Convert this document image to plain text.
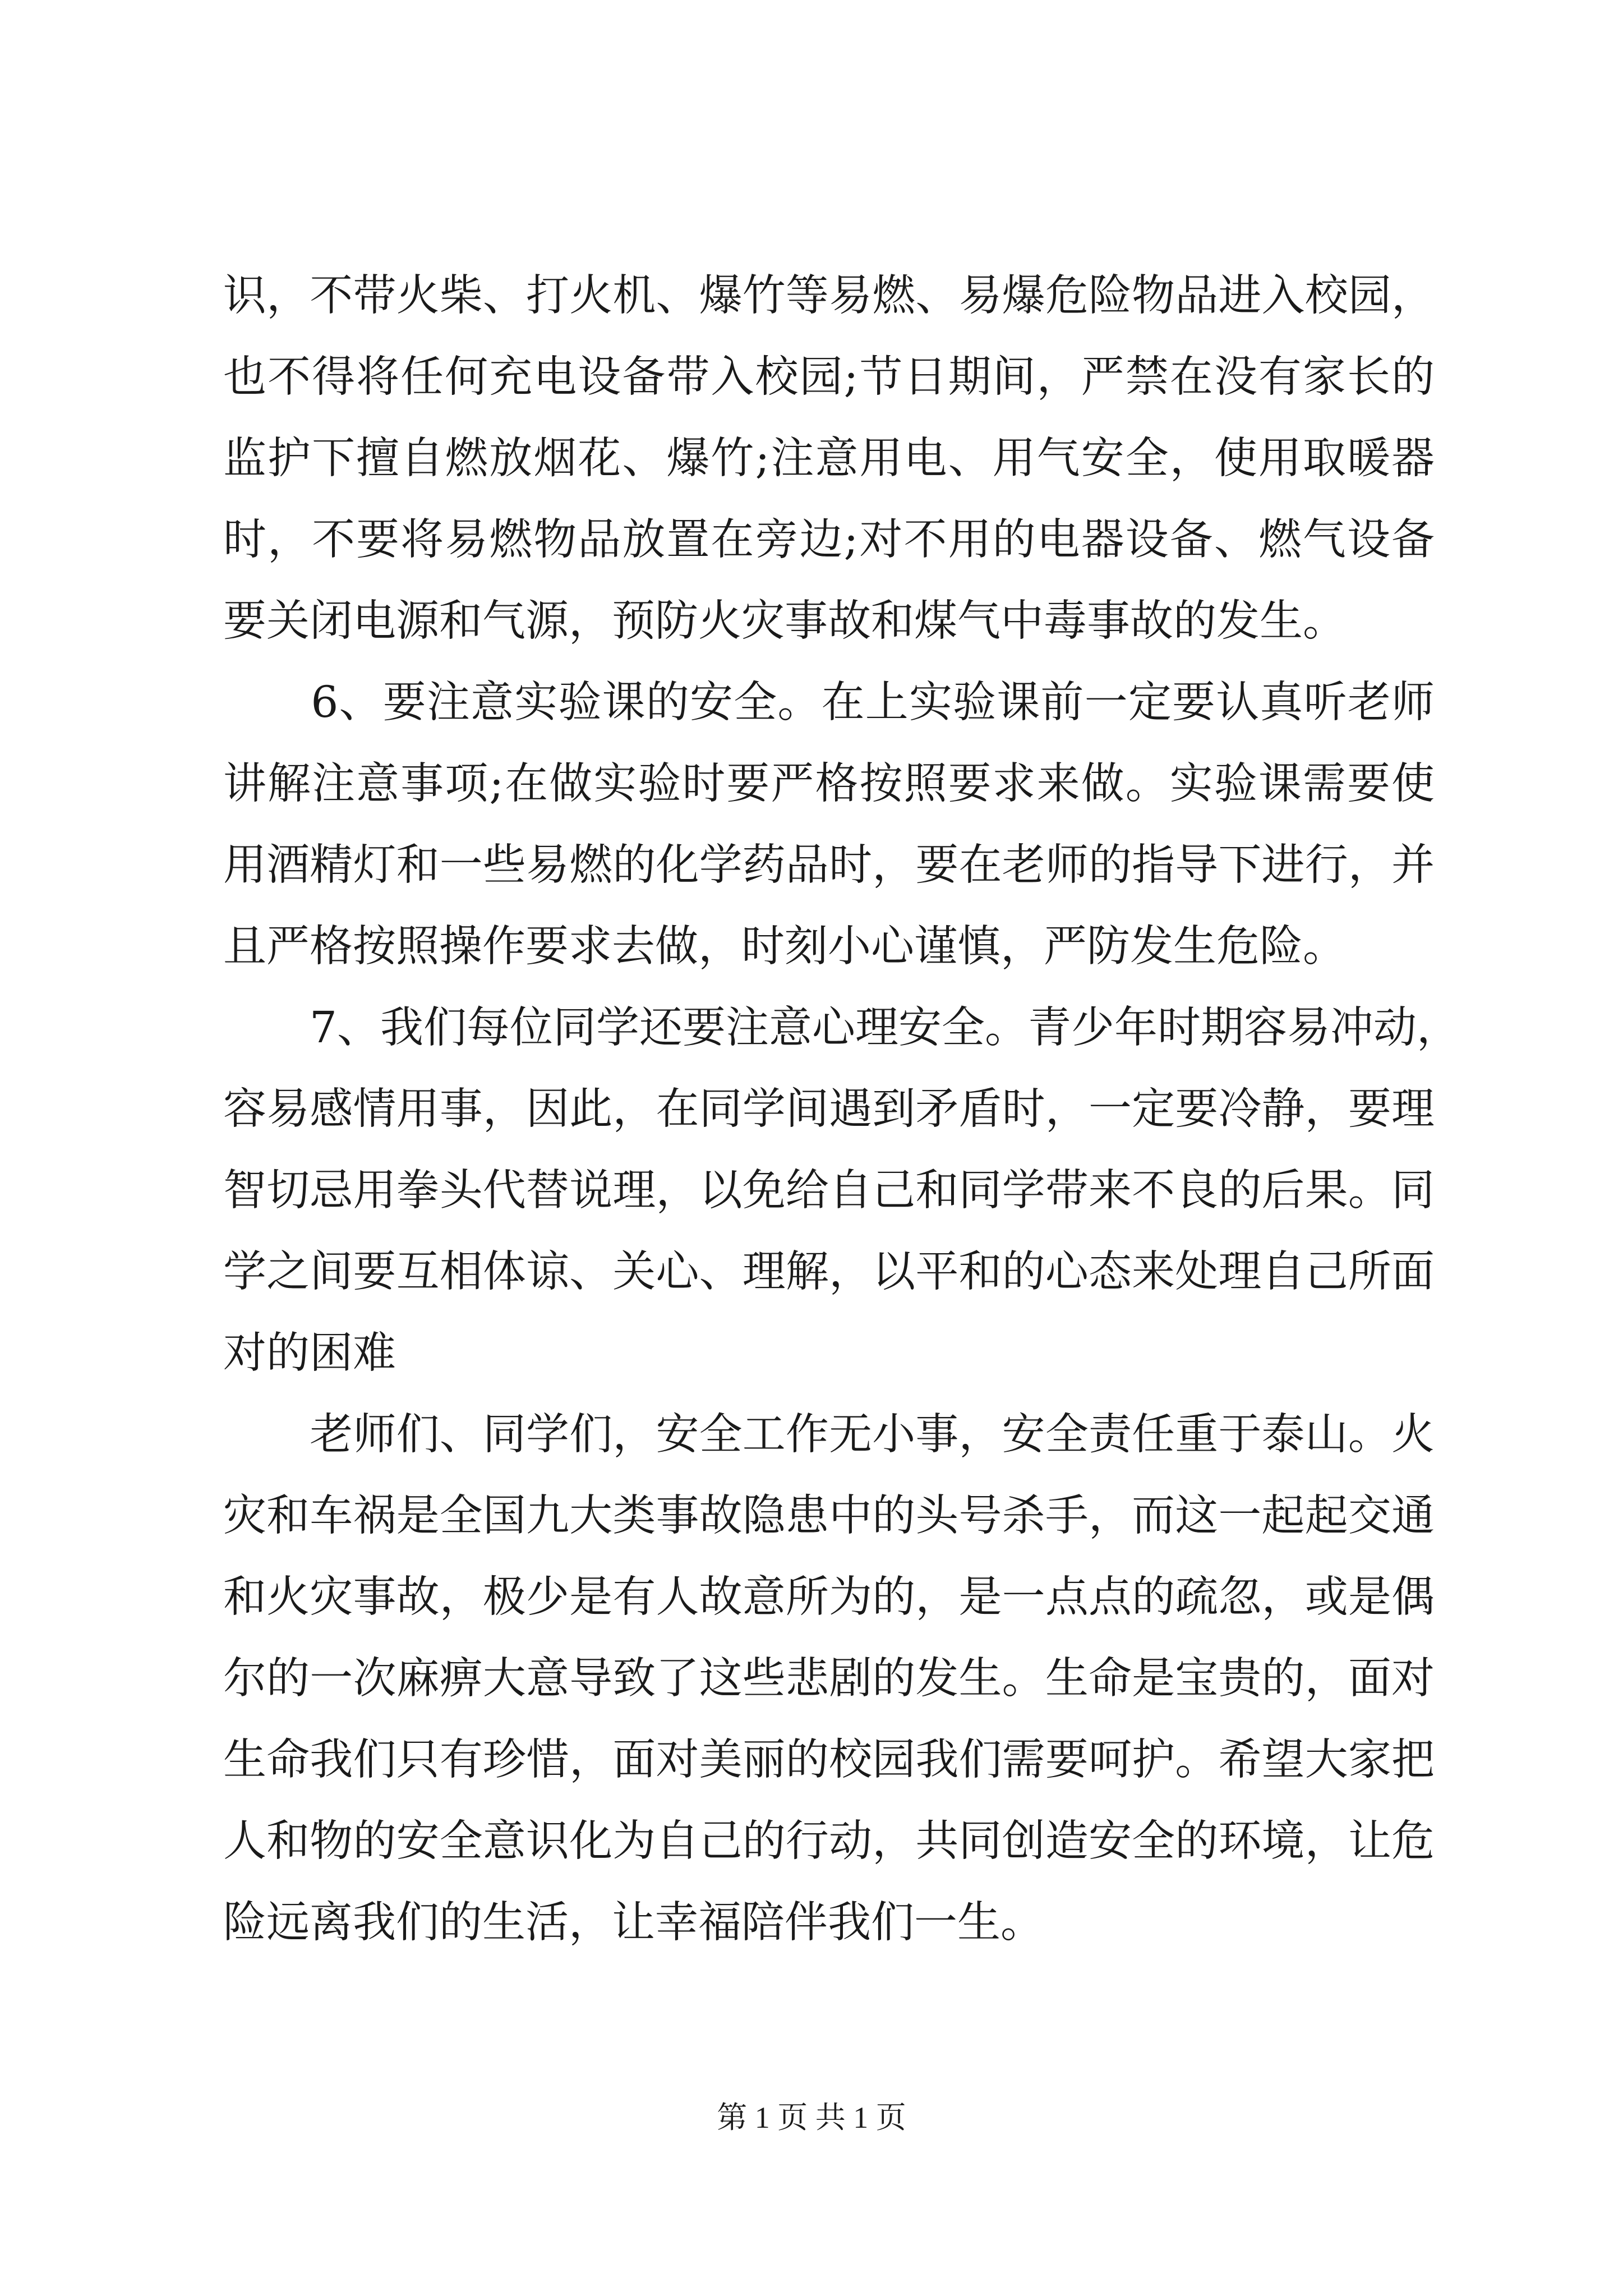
识，不带火柴、打火机、爆竹等易燃、易爆危险物品进入校园，
也不得将任何充电设备带入校园;节日期间，严禁在没有家长的
监护下擅自燃放烟花、爆竹;注意用电、用气安全，使用取暖器
时，不要将易燃物品放置在旁边;对不用的电器设备、燃气设备
要关闭电源和气源，预防火灾事故和煤气中毒事故的发生。
　　6、要注意实验课的安全。在上实验课前一定要认真听老师
讲解注意事项;在做实验时要严格按照要求来做。实验课需要使
用酒精灯和一些易燃的化学药品时，要在老师的指导下进行，并
且严格按照操作要求去做，时刻小心谨慎，严防发生危险。
　　7、我们每位同学还要注意心理安全。青少年时期容易冲动，
容易感情用事，因此，在同学间遇到矛盾时，一定要冷静，要理
智切忌用拳头代替说理，以免给自己和同学带来不良的后果。同
学之间要互相体谅、关心、理解，以平和的心态来处理自己所面
对的困难
　　老师们、同学们，安全工作无小事，安全责任重于泰山。火
灾和车祸是全国九大类事故隐患中的头号杀手，而这一起起交通
和火灾事故，极少是有人故意所为的，是一点点的疏忽，或是偶
尔的一次麻痹大意导致了这些悲剧的发生。生命是宝贵的，面对
生命我们只有珍惜，面对美丽的校园我们需要呵护。希望大家把
人和物的安全意识化为自己的行动，共同创造安全的环境，让危
险远离我们的生活，让幸福陪伴我们一生。
第 1 页 共 1 页
